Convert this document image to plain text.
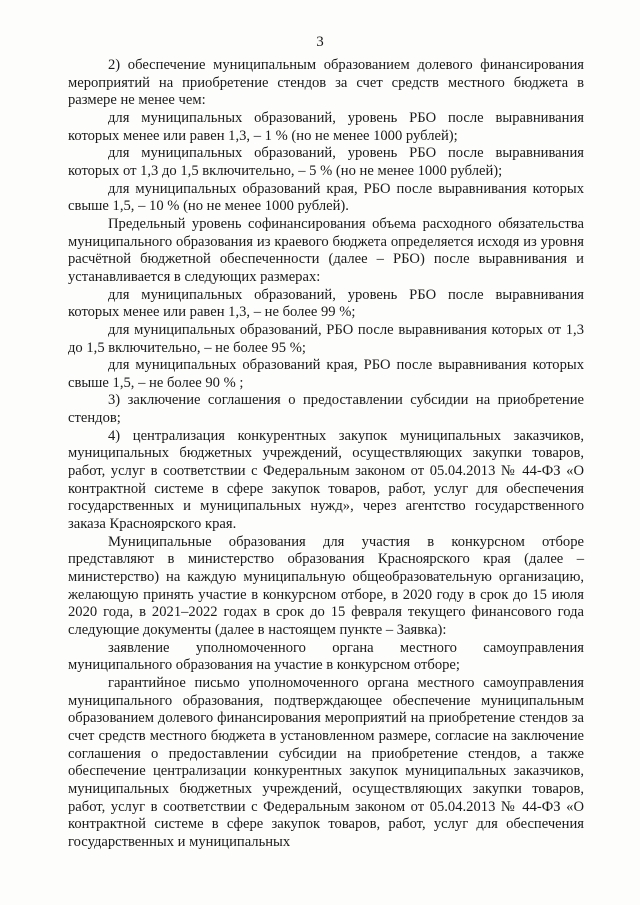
3

2) обеспечение муниципальным образованием долевого финансирования мероприятий на приобретение стендов за счет средств местного бюджета в размере не менее чем:

для муниципальных образований, уровень РБО после выравнивания которых менее или равен 1,3, – 1 % (но не менее 1000 рублей);

для муниципальных образований, уровень РБО после выравнивания которых от 1,3 до 1,5 включительно, – 5 % (но не менее 1000 рублей);

для муниципальных образований края, РБО после выравнивания которых свыше 1,5, – 10 % (но не менее 1000 рублей).

Предельный уровень софинансирования объема расходного обязательства муниципального образования из краевого бюджета определяется исходя из уровня расчётной бюджетной обеспеченности (далее – РБО) после выравнивания и устанавливается в следующих размерах:

для муниципальных образований, уровень РБО после выравнивания которых менее или равен 1,3, – не более 99 %;

для муниципальных образований, РБО после выравнивания которых от 1,3 до 1,5 включительно, – не более 95 %;

для муниципальных образований края, РБО после выравнивания которых свыше 1,5, – не более 90 % ;

3) заключение соглашения о предоставлении субсидии на приобретение стендов;

4) централизация конкурентных закупок муниципальных заказчиков, муниципальных бюджетных учреждений, осуществляющих закупки товаров, работ, услуг в соответствии с Федеральным законом от 05.04.2013 № 44-ФЗ «О контрактной системе в сфере закупок товаров, работ, услуг для обеспечения государственных и муниципальных нужд», через агентство государственного заказа Красноярского края.

Муниципальные образования для участия в конкурсном отборе представляют в министерство образования Красноярского края (далее – министерство) на каждую муниципальную общеобразовательную организацию, желающую принять участие в конкурсном отборе, в 2020 году в срок до 15 июля 2020 года, в 2021–2022 годах в срок до 15 февраля текущего финансового года следующие документы (далее в настоящем пункте – Заявка):

заявление уполномоченного органа местного самоуправления муниципального образования на участие в конкурсном отборе;

гарантийное письмо уполномоченного органа местного самоуправления муниципального образования, подтверждающее обеспечение муниципальным образованием долевого финансирования мероприятий на приобретение стендов за счет средств местного бюджета в установленном размере, согласие на заключение соглашения о предоставлении субсидии на приобретение стендов, а также обеспечение централизации конкурентных закупок муниципальных заказчиков, муниципальных бюджетных учреждений, осуществляющих закупки товаров, работ, услуг в соответствии с Федеральным законом от 05.04.2013 № 44-ФЗ «О контрактной системе в сфере закупок товаров, работ, услуг для обеспечения государственных и муниципальных
